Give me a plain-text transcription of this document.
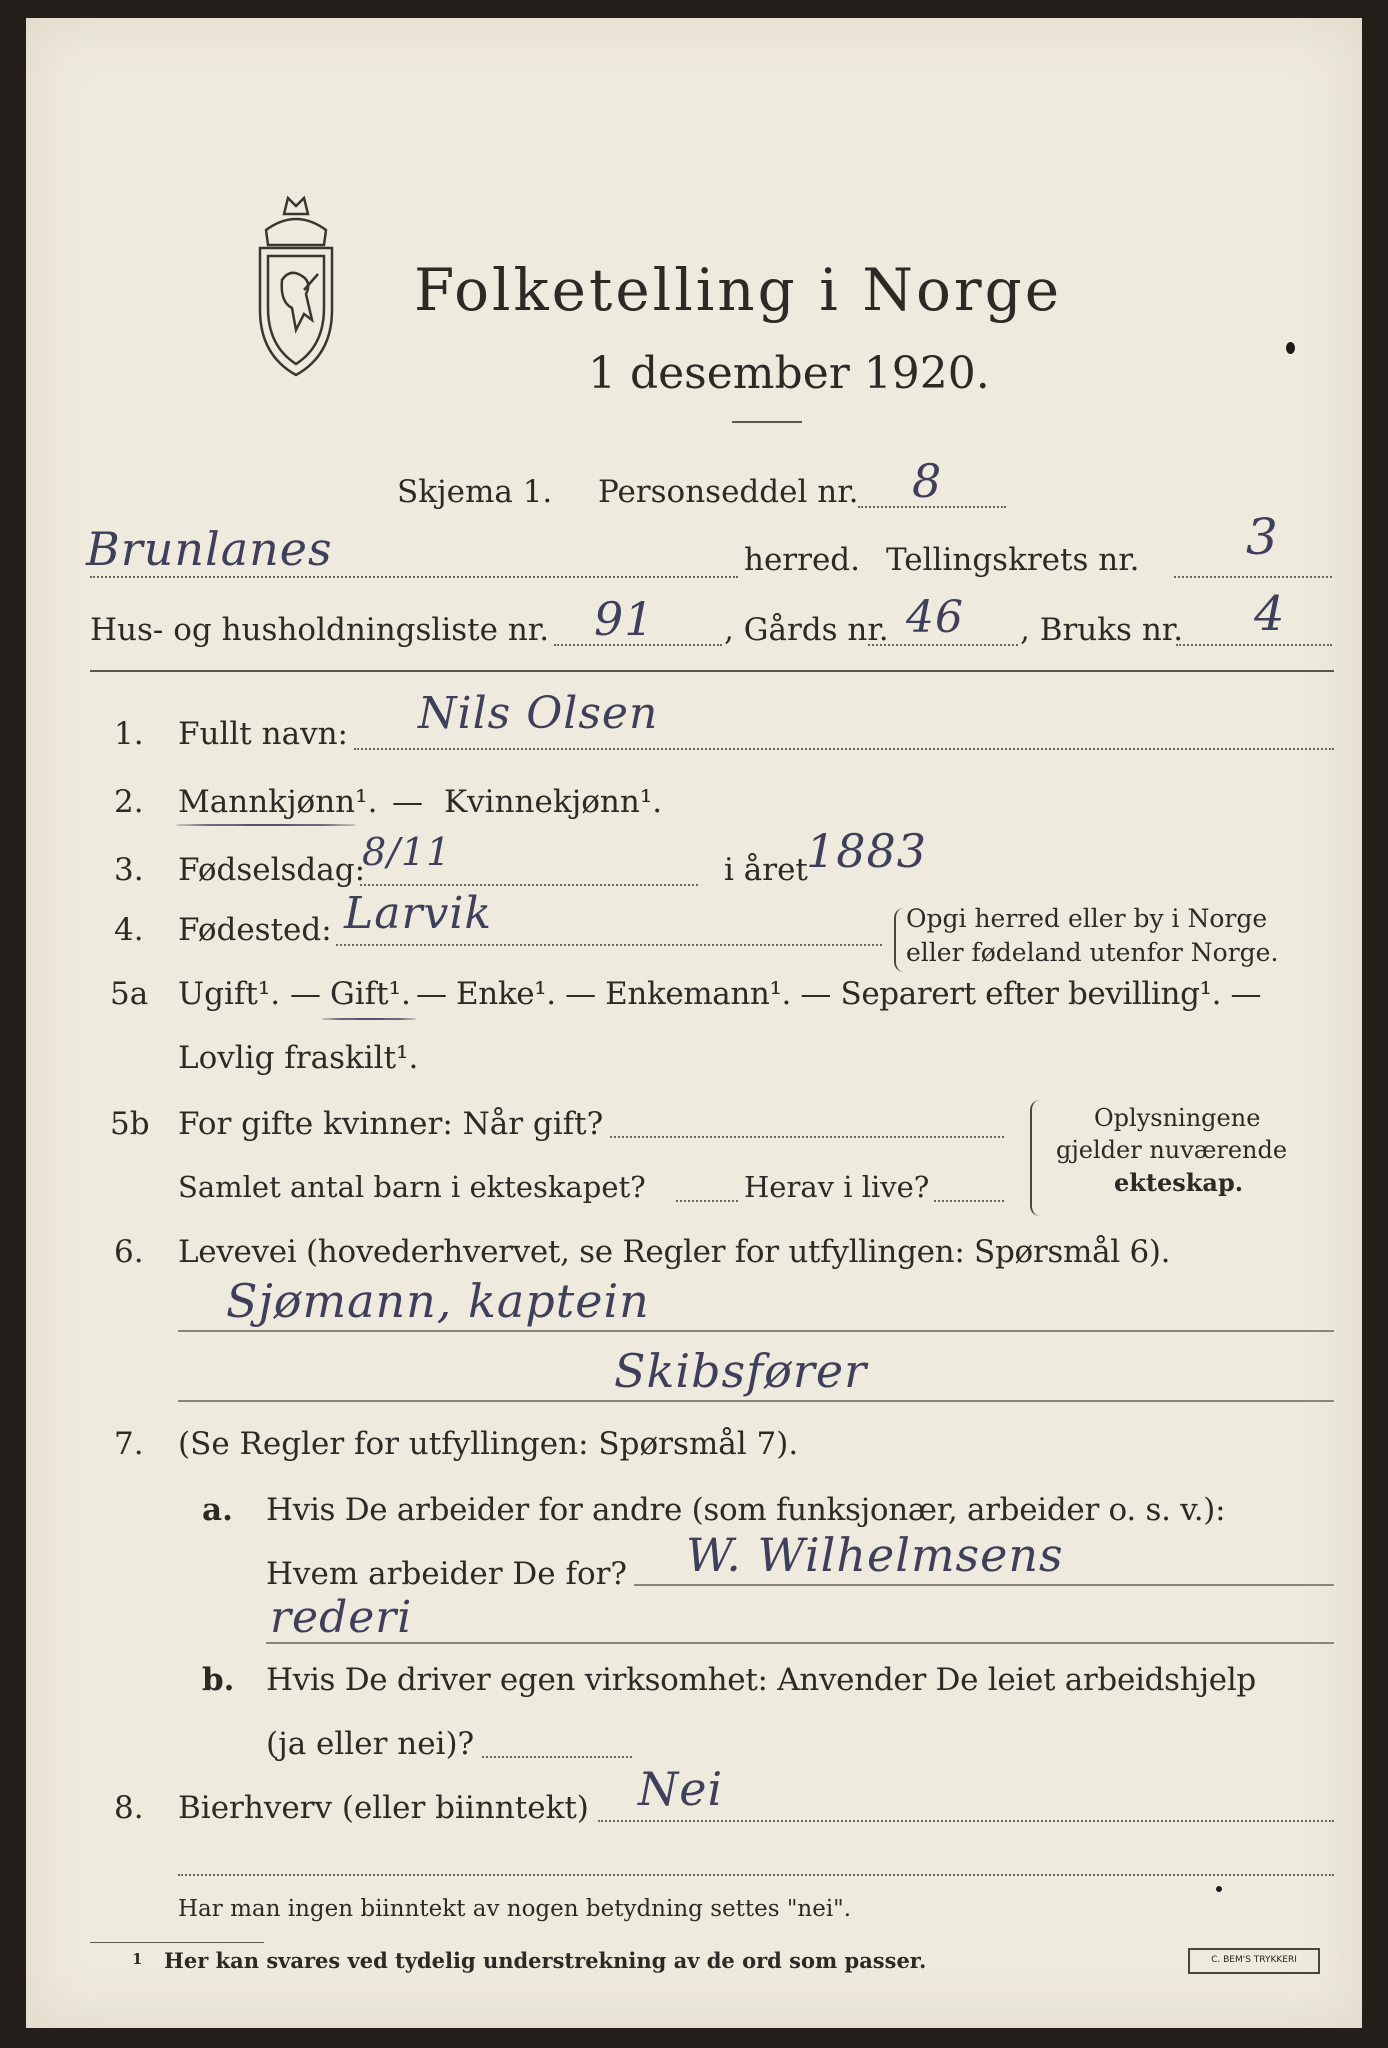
Folketelling i Norge
1 desember 1920.
Skjema 1. Personseddel nr. 8
Brunlanes	herred. Tellingskrets nr. 3
Hus- og husholdningsliste nr. 91 , Gårds nr. 46 , Bruks nr. 4
1. Fullt navn: Nils Olsen
2. Mannkjønn¹. — Kvinnekjønn¹.
3. Fødselsdag:
8/11	i året
1883
4. Fødested: Larvik	Opgi herred eller by i Norge
eller fødeland utenfor Norge.
5a Ugift¹. — Gift¹. — Enke¹. — Enkemann¹. — Separert efter bevilling¹. —
Lovlig fraskilt¹.
5b For gifte kvinner: Når gift?
Samlet antal barn i ekteskapet?	Herav i live?
Oplysningene
gjelder nuværende
ekteskap.
6. Levevei (hovederhvervet, se Regler for utfyllingen: Spørsmål 6).
Sjømann, kaptein
Skibsfører
7. (Se Regler for utfyllingen: Spørsmål 7).
a. Hvis De arbeider for andre (som funksjonær, arbeider o. s. v.):
Hvem arbeider De for? W. Wilhelmsens
rederi
b. Hvis De driver egen virksomhet: Anvender De leiet arbeidshjelp
(ja eller nei)?
8. Bierhverv (eller biinntekt) Nei
Har man ingen biinntekt av nogen betydning settes "nei".
1 Her kan svares ved tydelig understrekning av de ord som passer.	C. BEM'S TRYKKERI
